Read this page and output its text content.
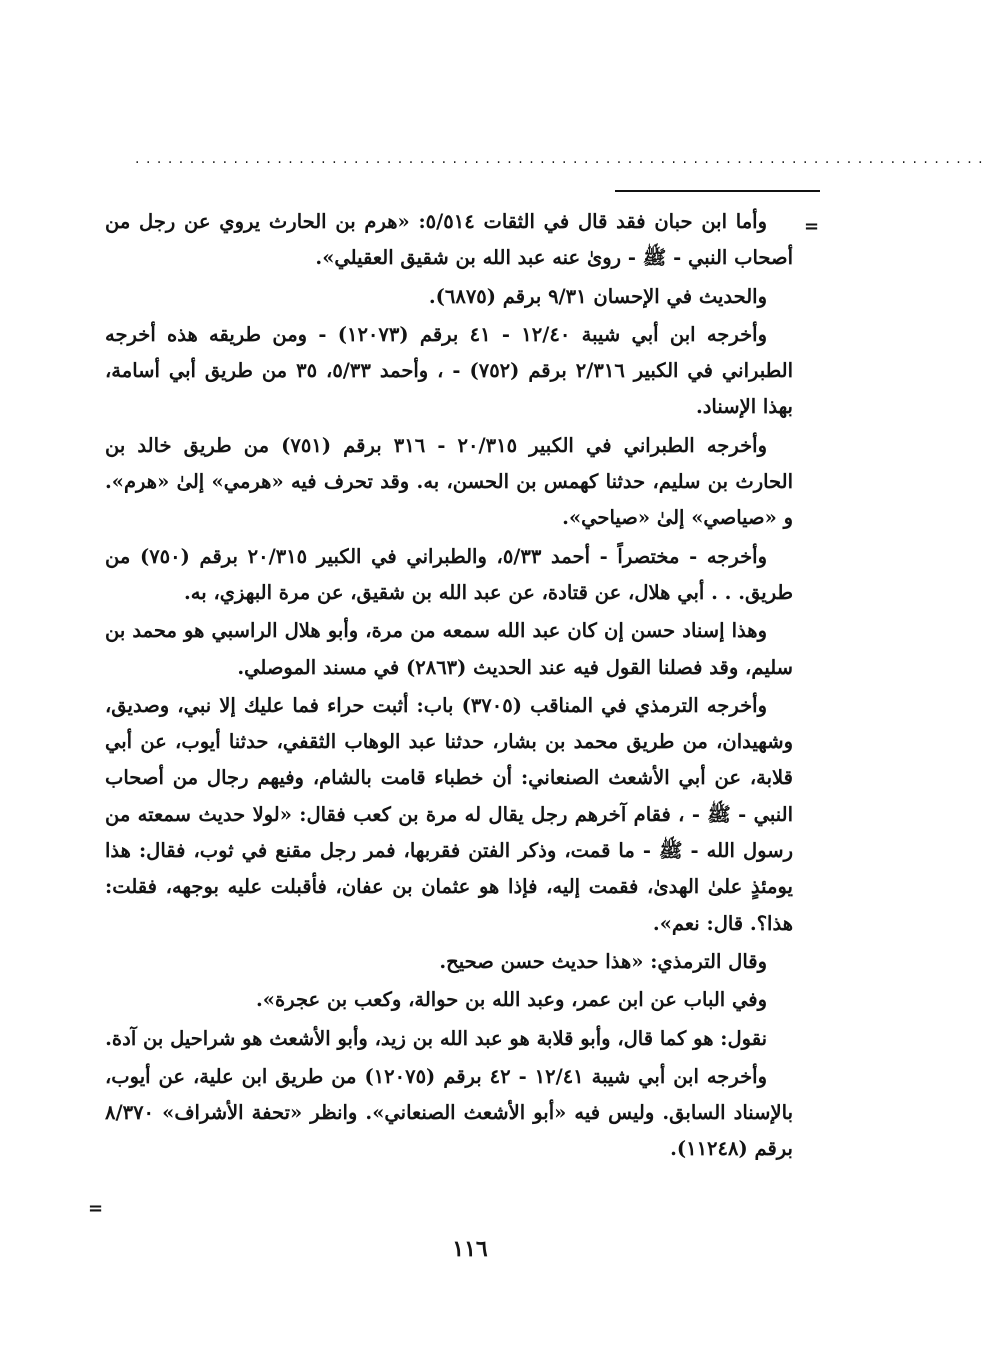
..............................................................................
=

وأما ابن حبان فقد قال في الثقات ٥/٥١٤: «هرم بن الحارث يروي عن رجل من أصحاب النبي - ﷺ - روىٰ عنه عبد الله بن شقيق العقيلي».

والحديث في الإحسان ٩/٣١ برقم (٦٨٧٥).

وأخرجه ابن أبي شيبة ١٢/٤٠ - ٤١ برقم (١٢٠٧٣) - ومن طريقه هذه أخرجه الطبراني في الكبير ٢/٣١٦ برقم (٧٥٢) - ، وأحمد ٥/٣٣، ٣٥ من طريق أبي أسامة، بهذا الإسناد.

وأخرجه الطبراني في الكبير ٢٠/٣١٥ - ٣١٦ برقم (٧٥١) من طريق خالد بن الحارث بن سليم، حدثنا كهمس بن الحسن، به. وقد تحرف فيه «هرمي» إلىٰ «هرم». و «صياصي» إلىٰ «صياحي».

وأخرجه - مختصراً - أحمد ٥/٣٣، والطبراني في الكبير ٢٠/٣١٥ برقم (٧٥٠) من طريق. . . أبي هلال، عن قتادة، عن عبد الله بن شقيق، عن مرة البهزي، به.

وهذا إسناد حسن إن كان عبد الله سمعه من مرة، وأبو هلال الراسبي هو محمد بن سليم، وقد فصلنا القول فيه عند الحديث (٢٨٦٣) في مسند الموصلي.

وأخرجه الترمذي في المناقب (٣٧٠٥) باب: أثبت حراء فما عليك إلا نبي، وصديق، وشهيدان، من طريق محمد بن بشار، حدثنا عبد الوهاب الثقفي، حدثنا أيوب، عن أبي قلابة، عن أبي الأشعث الصنعاني: أن خطباء قامت بالشام، وفيهم رجال من أصحاب النبي - ﷺ - ، فقام آخرهم رجل يقال له مرة بن كعب فقال: «لولا حديث سمعته من رسول الله - ﷺ - ما قمت، وذكر الفتن فقربها، فمر رجل مقنع في ثوب، فقال: هذا يومئذٍ علىٰ الهدىٰ، فقمت إليه، فإذا هو عثمان بن عفان، فأقبلت عليه بوجهه، فقلت: هذا؟. قال: نعم».

وقال الترمذي: «هذا حديث حسن صحيح.

وفي الباب عن ابن عمر، وعبد الله بن حوالة، وكعب بن عجرة».

نقول: هو كما قال، وأبو قلابة هو عبد الله بن زيد، وأبو الأشعث هو شراحيل بن آدة.

وأخرجه ابن أبي شيبة ١٢/٤١ - ٤٢ برقم (١٢٠٧٥) من طريق ابن علية، عن أيوب، بالإسناد السابق. وليس فيه «أبو الأشعث الصنعاني». وانظر «تحفة الأشراف» ٨/٣٧٠ برقم (١١٢٤٨).

=
١١٦
